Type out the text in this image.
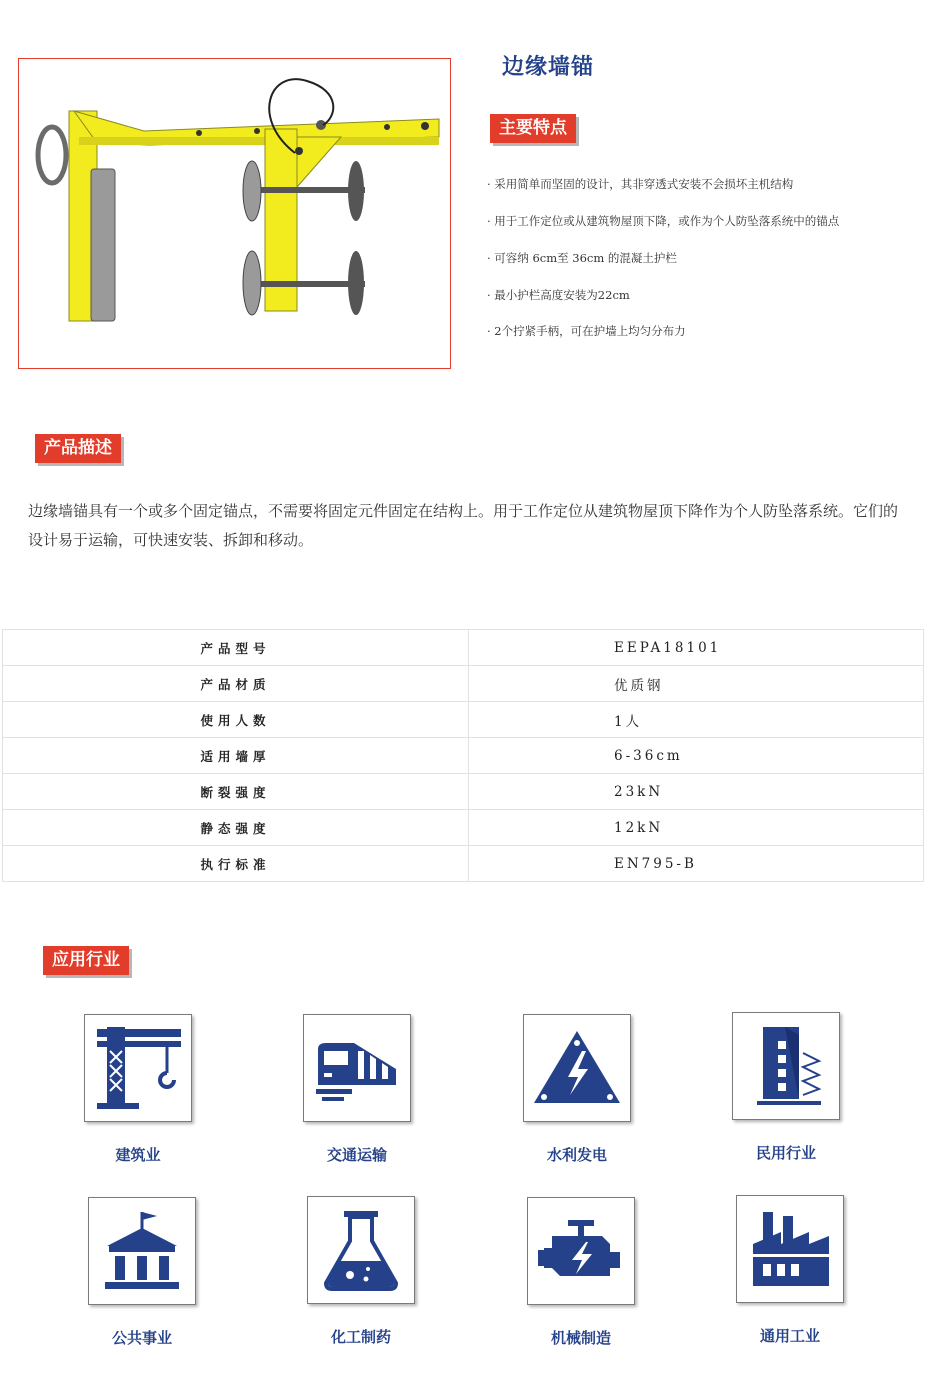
边缘墙锚
主要特点
· 采用简单而坚固的设计，其非穿透式安装不会损坏主机结构
· 用于工作定位或从建筑物屋顶下降，或作为个人防坠落系统中的锚点
· 可容纳 6cm至 36cm 的混凝土护栏
· 最小护栏高度安装为22cm
· 2个拧紧手柄，可在护墙上均匀分布力
产品描述
边缘墙锚具有一个或多个固定锚点，不需要将固定元件固定在结构上。用于工作定位从建筑物屋顶下降作为个人防坠落系统。它们的设计易于运输，可快速安装、拆卸和移动。
产品型号	EEPA18101
产品材质	优质钢
使用人数	1人
适用墙厚	6-36cm
断裂强度	23kN
静态强度	12kN
执行标准	EN795-B
应用行业
建筑业	交通运输	水利发电	民用行业
公共事业	化工制药	机械制造	通用工业
